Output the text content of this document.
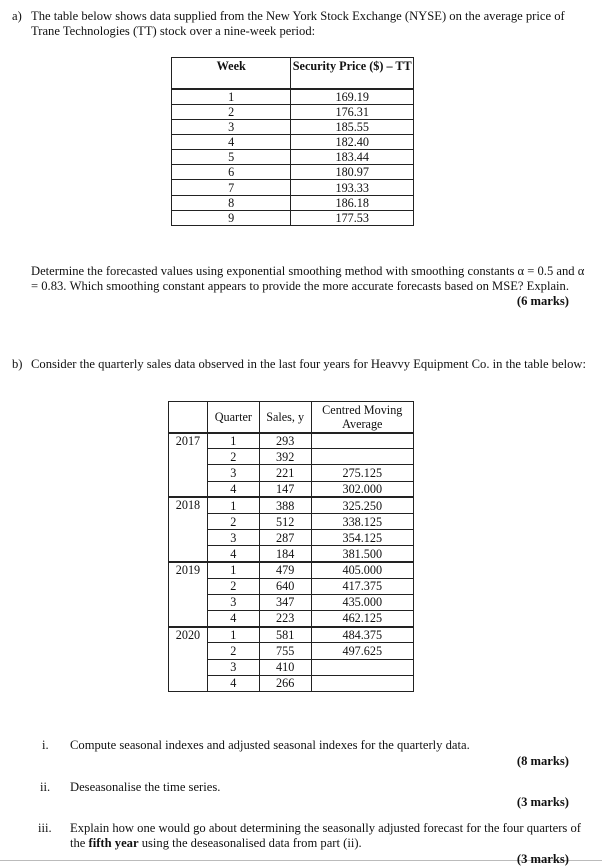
a) The table below shows data supplied from the New York Stock Exchange (NYSE) on the average price of Trane Technologies (TT) stock over a nine-week period:
Week	Security Price ($) – TT
1	169.19
2	176.31
3	185.55
4	182.40
5	183.44
6	180.97
7	193.33
8	186.18
9	177.53
Determine the forecasted values using exponential smoothing method with smoothing constants α = 0.5 and α = 0.83. Which smoothing constant appears to provide the more accurate forecasts based on MSE? Explain.
(6 marks)
b) Consider the quarterly sales data observed in the last four years for Heavvy Equipment Co. in the table below:
	Quarter	Sales, y	Centred Moving Average
2017	1	293	
	2	392	
	3	221	275.125
	4	147	302.000
2018	1	388	325.250
	2	512	338.125
	3	287	354.125
	4	184	381.500
2019	1	479	405.000
	2	640	417.375
	3	347	435.000
	4	223	462.125
2020	1	581	484.375
	2	755	497.625
	3	410	
	4	266	
i. Compute seasonal indexes and adjusted seasonal indexes for the quarterly data.
(8 marks)
ii. Deseasonalise the time series.
(3 marks)
iii. Explain how one would go about determining the seasonally adjusted forecast for the four quarters of the fifth year using the deseasonalised data from part (ii).
(3 marks)
